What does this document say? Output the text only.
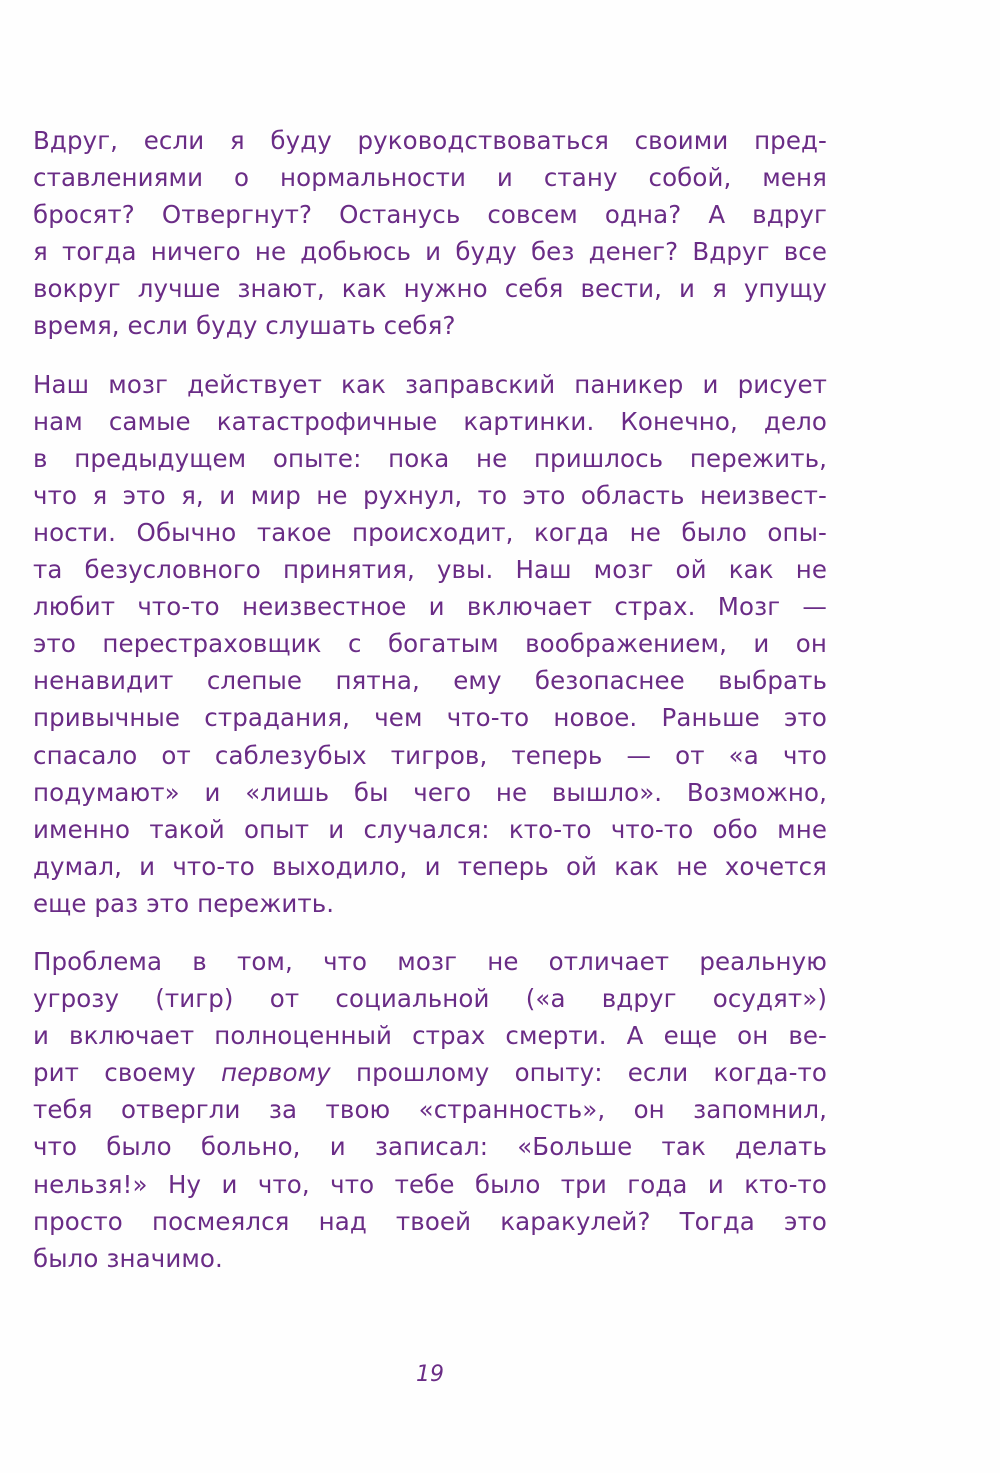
Вдруг, если я буду руководствоваться своими пред-
ставлениями о нормальности и стану собой, меня
бросят? Отвергнут? Останусь совсем одна? А вдруг
я тогда ничего не добьюсь и буду без денег? Вдруг все
вокруг лучше знают, как нужно себя вести, и я упущу
время, если буду слушать себя?
Наш мозг действует как заправский паникер и рисует
нам самые катастрофичные картинки. Конечно, дело
в предыдущем опыте: пока не пришлось пережить,
что я это я, и мир не рухнул, то это область неизвест-
ности. Обычно такое происходит, когда не было опы-
та безусловного принятия, увы. Наш мозг ой как не
любит что-то неизвестное и включает страх. Мозг —
это перестраховщик с богатым воображением, и он
ненавидит слепые пятна, ему безопаснее выбрать
привычные страдания, чем что-то новое. Раньше это
спасало от саблезубых тигров, теперь — от «а что
подумают» и «лишь бы чего не вышло». Возможно,
именно такой опыт и случался: кто-то что-то обо мне
думал, и что-то выходило, и теперь ой как не хочется
еще раз это пережить.
Проблема в том, что мозг не отличает реальную
угрозу (тигр) от социальной («а вдруг осудят»)
и включает полноценный страх смерти. А еще он ве-
рит своему первому прошлому опыту: если когда-то
тебя отвергли за твою «странность», он запомнил,
что было больно, и записал: «Больше так делать
нельзя!» Ну и что, что тебе было три года и кто-то
просто посмеялся над твоей каракулей? Тогда это
было значимо.
19
